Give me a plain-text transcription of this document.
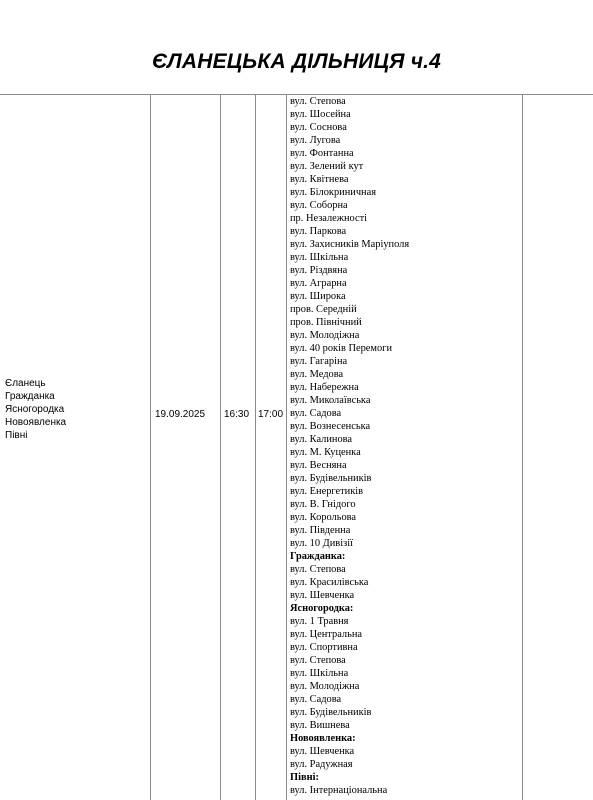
ЄЛАНЕЦЬКА ДІЛЬНИЦЯ ч.4
Єланець
Гражданка
Ясногородка
Новоявленка
Півні
19.09.2025 16:30 17:00
вул. Степова
вул. Шосейна
вул. Соснова
вул. Лугова
вул. Фонтанна
вул. Зелений кут
вул. Квітнева
вул. Білокриничная
вул. Соборна
пр. Незалежності
вул. Паркова
вул. Захисників Маріуполя
вул. Шкільна
вул. Різдвяна
вул. Аграрна
вул. Широка
пров. Середній
пров. Північний
вул. Молодіжна
вул. 40 років Перемоги
вул. Гагаріна
вул. Медова
вул. Набережна
вул. Миколаївська
вул. Садова
вул. Вознесенська
вул. Калинова
вул. М. Куценка
вул. Весняна
вул. Будівельників
вул. Енергетиків
вул. В. Гнідого
вул. Корольова
вул. Південна
вул. 10 Дивізії
Гражданка:
вул. Степова
вул. Красилівська
вул. Шевченка
Ясногородка:
вул. 1 Травня
вул. Центральна
вул. Спортивна
вул. Степова
вул. Шкільна
вул. Молодіжна
вул. Садова
вул. Будівельників
вул. Вишнева
Новоявленка:
вул. Шевченка
вул. Радужная
Півні:
вул. Інтернаціональна
